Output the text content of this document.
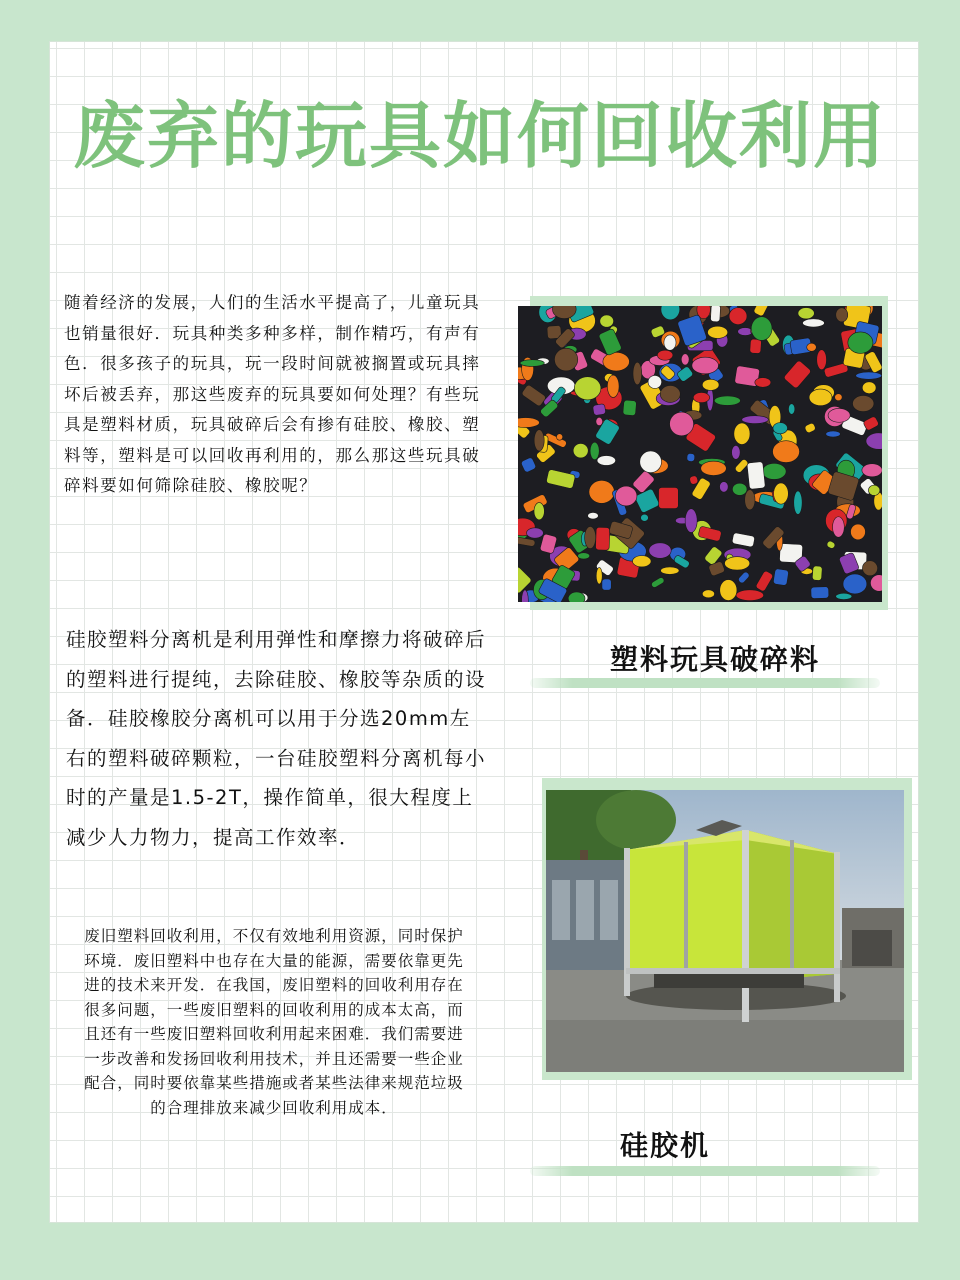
废弃的玩具如何回收利用

随着经济的发展，人们的生活水平提高了，儿童玩具也销量很好．玩具种类多种多样，制作精巧，有声有色．很多孩子的玩具，玩一段时间就被搁置或玩具摔坏后被丢弃，那这些废弃的玩具要如何处理？有些玩具是塑料材质，玩具破碎后会有掺有硅胶、橡胶、塑料等，塑料是可以回收再利用的，那么那这些玩具破碎料要如何筛除硅胶、橡胶呢？

塑料玩具破碎料

硅胶塑料分离机是利用弹性和摩擦力将破碎后的塑料进行提纯，去除硅胶、橡胶等杂质的设备．硅胶橡胶分离机可以用于分选20mm左右的塑料破碎颗粒，一台硅胶塑料分离机每小时的产量是1.5-2T，操作简单，很大程度上减少人力物力，提高工作效率．

硅胶机

废旧塑料回收利用，不仅有效地利用资源，同时保护环境．废旧塑料中也存在大量的能源，需要依靠更先进的技术来开发．在我国，废旧塑料的回收利用存在很多问题，一些废旧塑料的回收利用的成本太高，而且还有一些废旧塑料回收利用起来困难．我们需要进一步改善和发扬回收利用技术，并且还需要一些企业配合，同时要依靠某些措施或者某些法律来规范垃圾的合理排放来减少回收利用成本．
